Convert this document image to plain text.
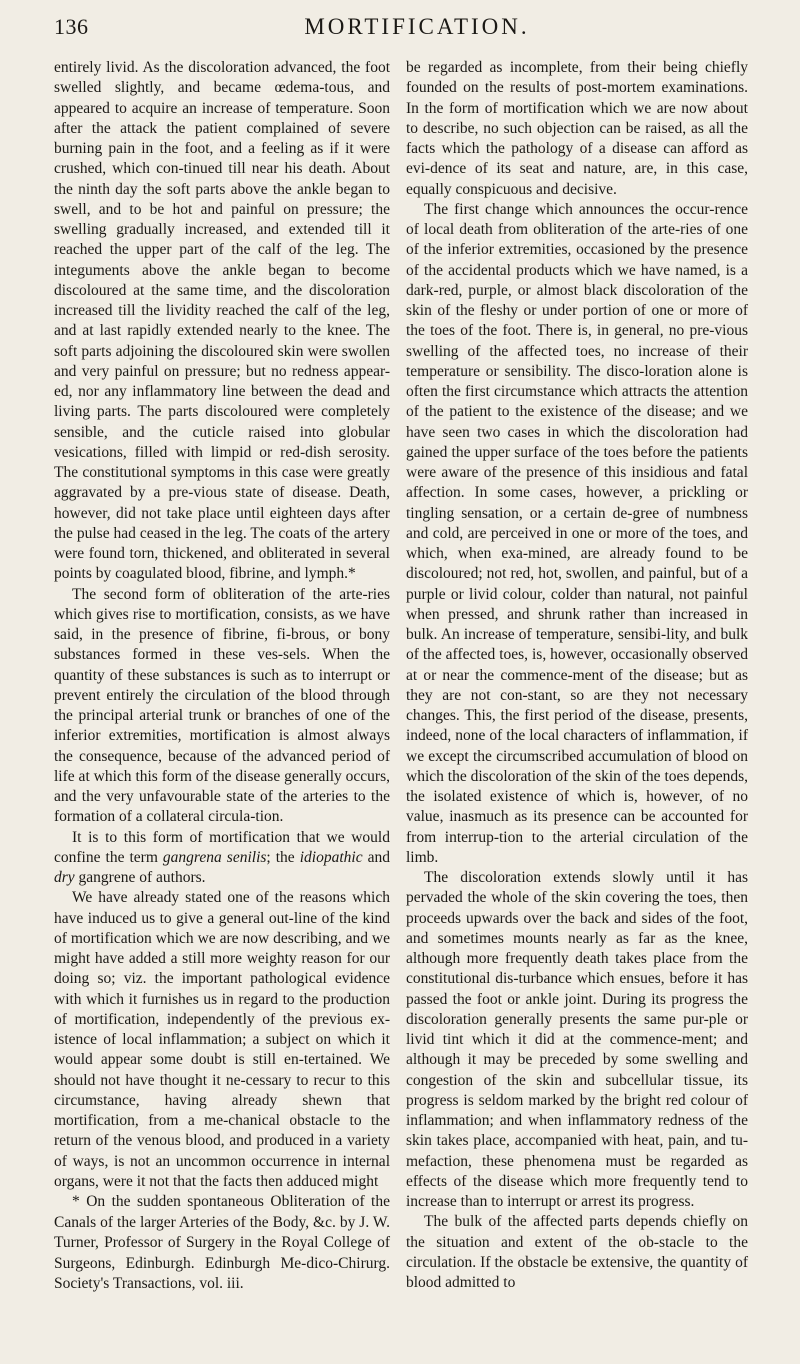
136	MORTIFICATION.

entirely livid. As the discoloration advanced, the foot swelled slightly, and became œdema-tous, and appeared to acquire an increase of temperature. Soon after the attack the patient complained of severe burning pain in the foot, and a feeling as if it were crushed, which con-tinued till near his death. About the ninth day the soft parts above the ankle began to swell, and to be hot and painful on pressure; the swelling gradually increased, and extended till it reached the upper part of the calf of the leg. The integuments above the ankle began to become discoloured at the same time, and the discoloration increased till the lividity reached the calf of the leg, and at last rapidly extended nearly to the knee. The soft parts adjoining the discoloured skin were swollen and very painful on pressure; but no redness appear-ed, nor any inflammatory line between the dead and living parts. The parts discoloured were completely sensible, and the cuticle raised into globular vesications, filled with limpid or red-dish serosity. The constitutional symptoms in this case were greatly aggravated by a pre-vious state of disease. Death, however, did not take place until eighteen days after the pulse had ceased in the leg. The coats of the artery were found torn, thickened, and obliterated in several points by coagulated blood, fibrine, and lymph.*

The second form of obliteration of the arte-ries which gives rise to mortification, consists, as we have said, in the presence of fibrine, fi-brous, or bony substances formed in these ves-sels. When the quantity of these substances is such as to interrupt or prevent entirely the circulation of the blood through the principal arterial trunk or branches of one of the inferior extremities, mortification is almost always the consequence, because of the advanced period of life at which this form of the disease generally occurs, and the very unfavourable state of the arteries to the formation of a collateral circula-tion.

It is to this form of mortification that we would confine the term gangrena senilis; the idiopathic and dry gangrene of authors.

We have already stated one of the reasons which have induced us to give a general out-line of the kind of mortification which we are now describing, and we might have added a still more weighty reason for our doing so; viz. the important pathological evidence with which it furnishes us in regard to the production of mortification, independently of the previous ex-istence of local inflammation; a subject on which it would appear some doubt is still en-tertained. We should not have thought it ne-cessary to recur to this circumstance, having already shewn that mortification, from a me-chanical obstacle to the return of the venous blood, and produced in a variety of ways, is not an uncommon occurrence in internal organs, were it not that the facts then adduced might

* On the sudden spontaneous Obliteration of the Canals of the larger Arteries of the Body, &c. by J. W. Turner, Professor of Surgery in the Royal College of Surgeons, Edinburgh. Edinburgh Me-dico-Chirurg. Society's Transactions, vol. iii.

be regarded as incomplete, from their being chiefly founded on the results of post-mortem examinations. In the form of mortification which we are now about to describe, no such objection can be raised, as all the facts which the pathology of a disease can afford as evi-dence of its seat and nature, are, in this case, equally conspicuous and decisive.

The first change which announces the occur-rence of local death from obliteration of the arte-ries of one of the inferior extremities, occasioned by the presence of the accidental products which we have named, is a dark-red, purple, or almost black discoloration of the skin of the fleshy or under portion of one or more of the toes of the foot. There is, in general, no pre-vious swelling of the affected toes, no increase of their temperature or sensibility. The disco-loration alone is often the first circumstance which attracts the attention of the patient to the existence of the disease; and we have seen two cases in which the discoloration had gained the upper surface of the toes before the patients were aware of the presence of this insidious and fatal affection. In some cases, however, a prickling or tingling sensation, or a certain de-gree of numbness and cold, are perceived in one or more of the toes, and which, when exa-mined, are already found to be discoloured; not red, hot, swollen, and painful, but of a purple or livid colour, colder than natural, not painful when pressed, and shrunk rather than increased in bulk. An increase of temperature, sensibi-lity, and bulk of the affected toes, is, however, occasionally observed at or near the commence-ment of the disease; but as they are not con-stant, so are they not necessary changes. This, the first period of the disease, presents, indeed, none of the local characters of inflammation, if we except the circumscribed accumulation of blood on which the discoloration of the skin of the toes depends, the isolated existence of which is, however, of no value, inasmuch as its presence can be accounted for from interrup-tion to the arterial circulation of the limb.

The discoloration extends slowly until it has pervaded the whole of the skin covering the toes, then proceeds upwards over the back and sides of the foot, and sometimes mounts nearly as far as the knee, although more frequently death takes place from the constitutional dis-turbance which ensues, before it has passed the foot or ankle joint. During its progress the discoloration generally presents the same pur-ple or livid tint which it did at the commence-ment; and although it may be preceded by some swelling and congestion of the skin and subcellular tissue, its progress is seldom marked by the bright red colour of inflammation; and when inflammatory redness of the skin takes place, accompanied with heat, pain, and tu-mefaction, these phenomena must be regarded as effects of the disease which more frequently tend to increase than to interrupt or arrest its progress.

The bulk of the affected parts depends chiefly on the situation and extent of the ob-stacle to the circulation. If the obstacle be extensive, the quantity of blood admitted to
